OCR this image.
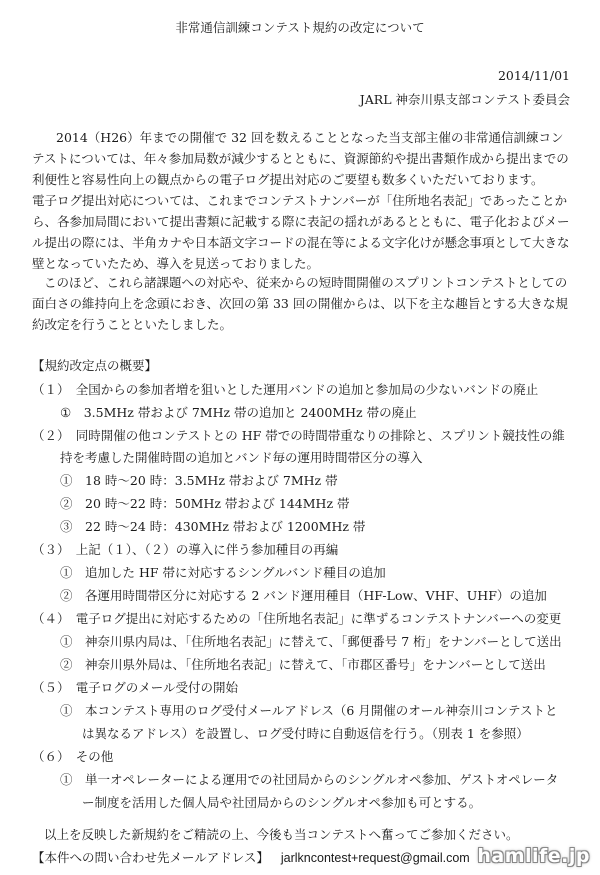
非常通信訓練コンテスト規約の改定について
2014/11/01
JARL 神奈川県支部コンテスト委員会

2014（H26）年までの開催で 32 回を数えることとなった当支部主催の非常通信訓練コンテストについては、年々参加局数が減少するとともに、資源節約や提出書類作成から提出までの利便性と容易性向上の観点からの電子ログ提出対応のご要望も数多くいただいております。

電子ログ提出対応については、これまでコンテストナンバーが「住所地名表記」であったことから、各参加局間において提出書類に記載する際に表記の揺れがあるとともに、電子化およびメール提出の際には、半角カナや日本語文字コードの混在等による文字化けが懸念事項として大きな壁となっていたため、導入を見送っておりました。

このほど、これら諸課題への対応や、従来からの短時間開催のスプリントコンテストとしての面白さの維持向上を念頭におき、次回の第 33 回の開催からは、以下を主な趣旨とする大きな規約改定を行うことといたしました。

【規約改定点の概要】
（１）　全国からの参加者増を狙いとした運用バンドの追加と参加局の少ないバンドの廃止
①　3.5MHz 帯および 7MHz 帯の追加と 2400MHz 帯の廃止
（２）　同時開催の他コンテストとの HF 帯での時間帯重なりの排除と、スプリント競技性の維
持を考慮した開催時間の追加とバンド毎の運用時間帯区分の導入
①　18 時～20 時：3.5MHz 帯および 7MHz 帯
②　20 時～22 時：50MHz 帯および 144MHz 帯
③　22 時～24 時：430MHz 帯および 1200MHz 帯
（３）　上記（１）、（２）の導入に伴う参加種目の再編
①　追加した HF 帯に対応するシングルバンド種目の追加
②　各運用時間帯区分に対応する 2 バンド運用種目（HF-Low、VHF、UHF）の追加
（４）　電子ログ提出に対応するための「住所地名表記」に準ずるコンテストナンバーへの変更
①　神奈川県内局は、「住所地名表記」に替えて、「郵便番号 7 桁」をナンバーとして送出
②　神奈川県外局は、「住所地名表記」に替えて、「市郡区番号」をナンバーとして送出
（５）　電子ログのメール受付の開始
①　本コンテスト専用のログ受付メールアドレス（6 月開催のオール神奈川コンテストと
は異なるアドレス）を設置し、ログ受付時に自動返信を行う。（別表 1 を参照）
（６）　その他
①　単一オペレーターによる運用での社団局からのシングルオペ参加、ゲストオペレータ
ー制度を活用した個人局や社団局からのシングルオペ参加も可とする。
以上を反映した新規約をご精読の上、今後も当コンテストへ奮ってご参加ください。
【本件への問い合わせ先メールアドレス】 jarlkncontest+request@gmail.com hamlife.jp
